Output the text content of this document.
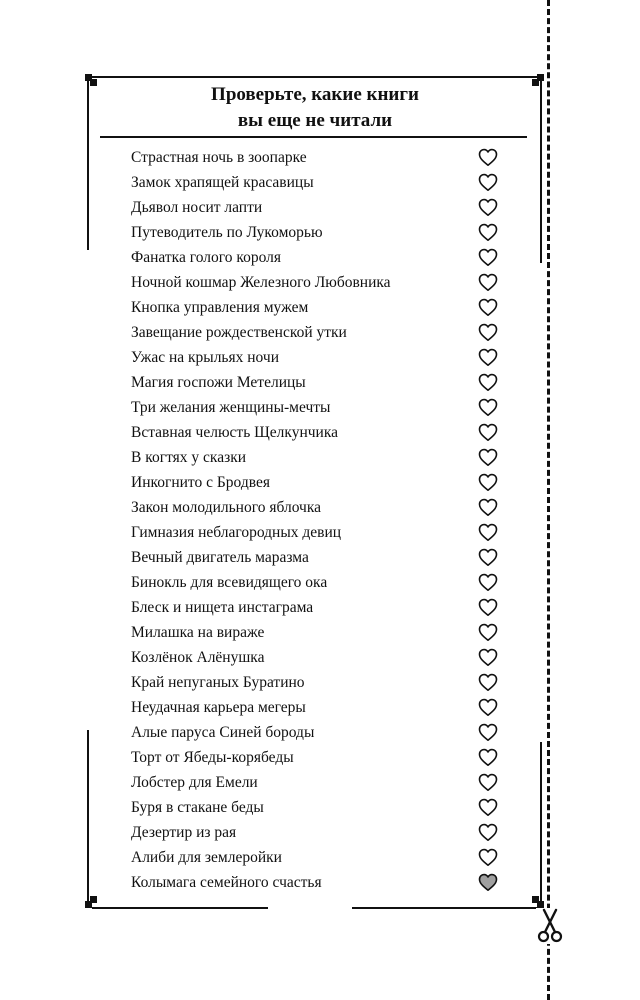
Проверьте, какие книги
вы еще не читали
Страстная ночь в зоопарке
Замок храпящей красавицы
Дьявол носит лапти
Путеводитель по Лукоморью
Фанатка голого короля
Ночной кошмар Железного Любовника
Кнопка управления мужем
Завещание рождественской утки
Ужас на крыльях ночи
Магия госпожи Метелицы
Три желания женщины-мечты
Вставная челюсть Щелкунчика
В когтях у сказки
Инкогнито с Бродвея
Закон молодильного яблочка
Гимназия неблагородных девиц
Вечный двигатель маразма
Бинокль для всевидящего ока
Блеск и нищета инстаграма
Милашка на вираже
Козлёнок Алёнушка
Край непуганых Буратино
Неудачная карьера мегеры
Алые паруса Синей бороды
Торт от Ябеды-корябеды
Лобстер для Емели
Буря в стакане беды
Дезертир из рая
Алиби для землеройки
Колымага семейного счастья
